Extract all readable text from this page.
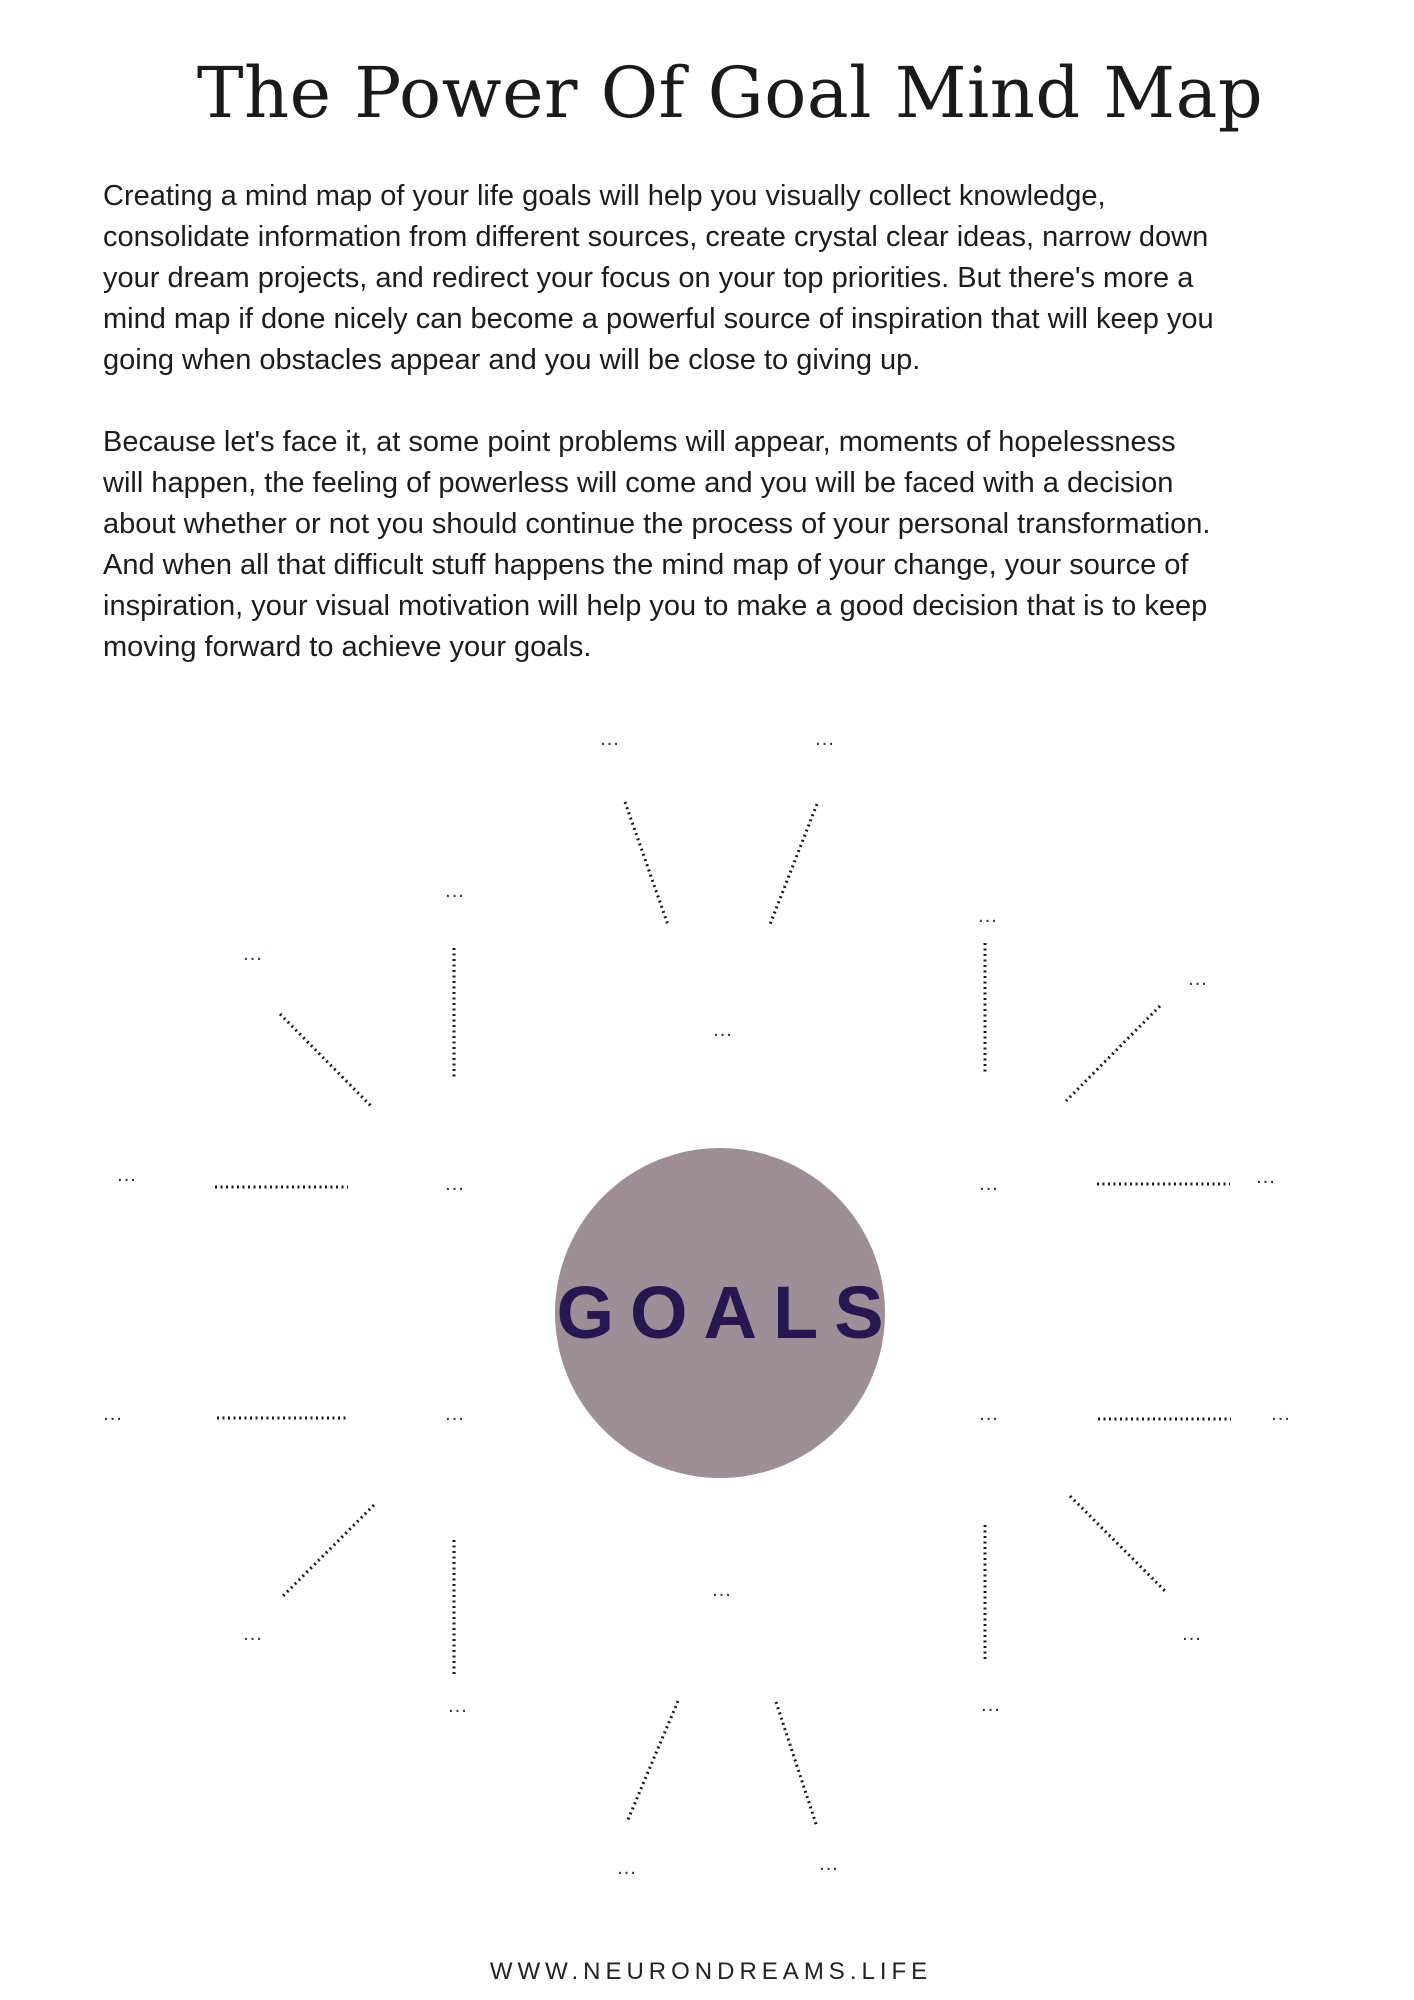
The Power Of Goal Mind Map
Creating a mind map of your life goals will help you visually collect knowledge,
consolidate information from different sources, create crystal clear ideas, narrow down
your dream projects, and redirect your focus on your top priorities. But there's more a
mind map if done nicely can become a powerful source of inspiration that will keep you
going when obstacles appear and you will be close to giving up.
Because let's face it, at some point problems will appear, moments of hopelessness
will happen, the feeling of powerless will come and you will be faced with a decision
about whether or not you should continue the process of your personal transformation.
And when all that difficult stuff happens the mind map of your change, your source of
inspiration, your visual motivation will help you to make a good decision that is to keep
moving forward to achieve your goals.
...	...
...
...
...
...
...
...	...	...	...
...	...	...	...
...
...	...
...	...
...	...
GOALS
WWW.NEURONDREAMS.LIFE
